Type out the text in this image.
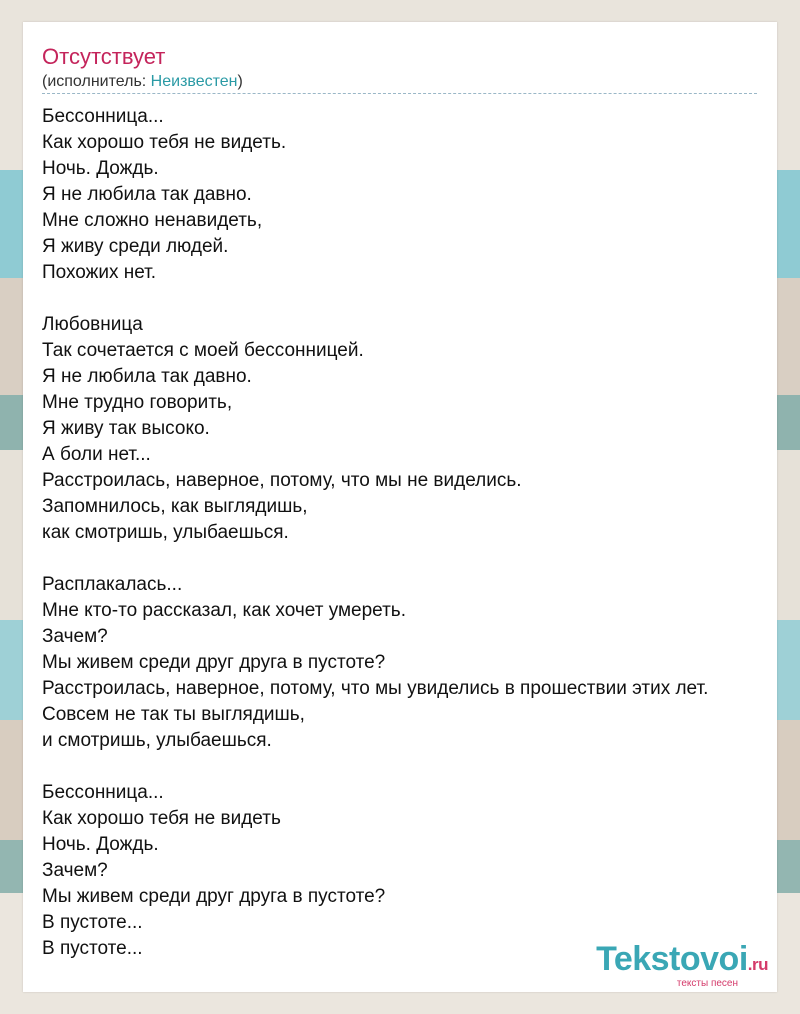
Отсутствует
(исполнитель: Неизвестен)
Бессонница...
Как хорошо тебя не видеть.
Ночь. Дождь.
Я не любила так давно.
Мне сложно ненавидеть,
Я живу среди людей.
Похожих нет.
Любовница
Так сочетается с моей бессонницей.
Я не любила так давно.
Мне трудно говорить,
Я живу так высоко.
А боли нет...
Расстроилась, наверное, потому, что мы не виделись.
Запомнилось, как выглядишь,
как смотришь, улыбаешься.
Расплакалась...
Мне кто-то рассказал, как хочет умереть.
Зачем?
Мы живем среди друг друга в пустоте?
Расстроилась, наверное, потому, что мы увиделись в прошествии этих лет.
Совсем не так ты выглядишь,
и смотришь, улыбаешься.
Бессонница...
Как хорошо тебя не видеть
Ночь. Дождь.
Зачем?
Мы живем среди друг друга в пустоте?
В пустоте...
В пустоте...	Tekstovoi.ru
тексты песен
